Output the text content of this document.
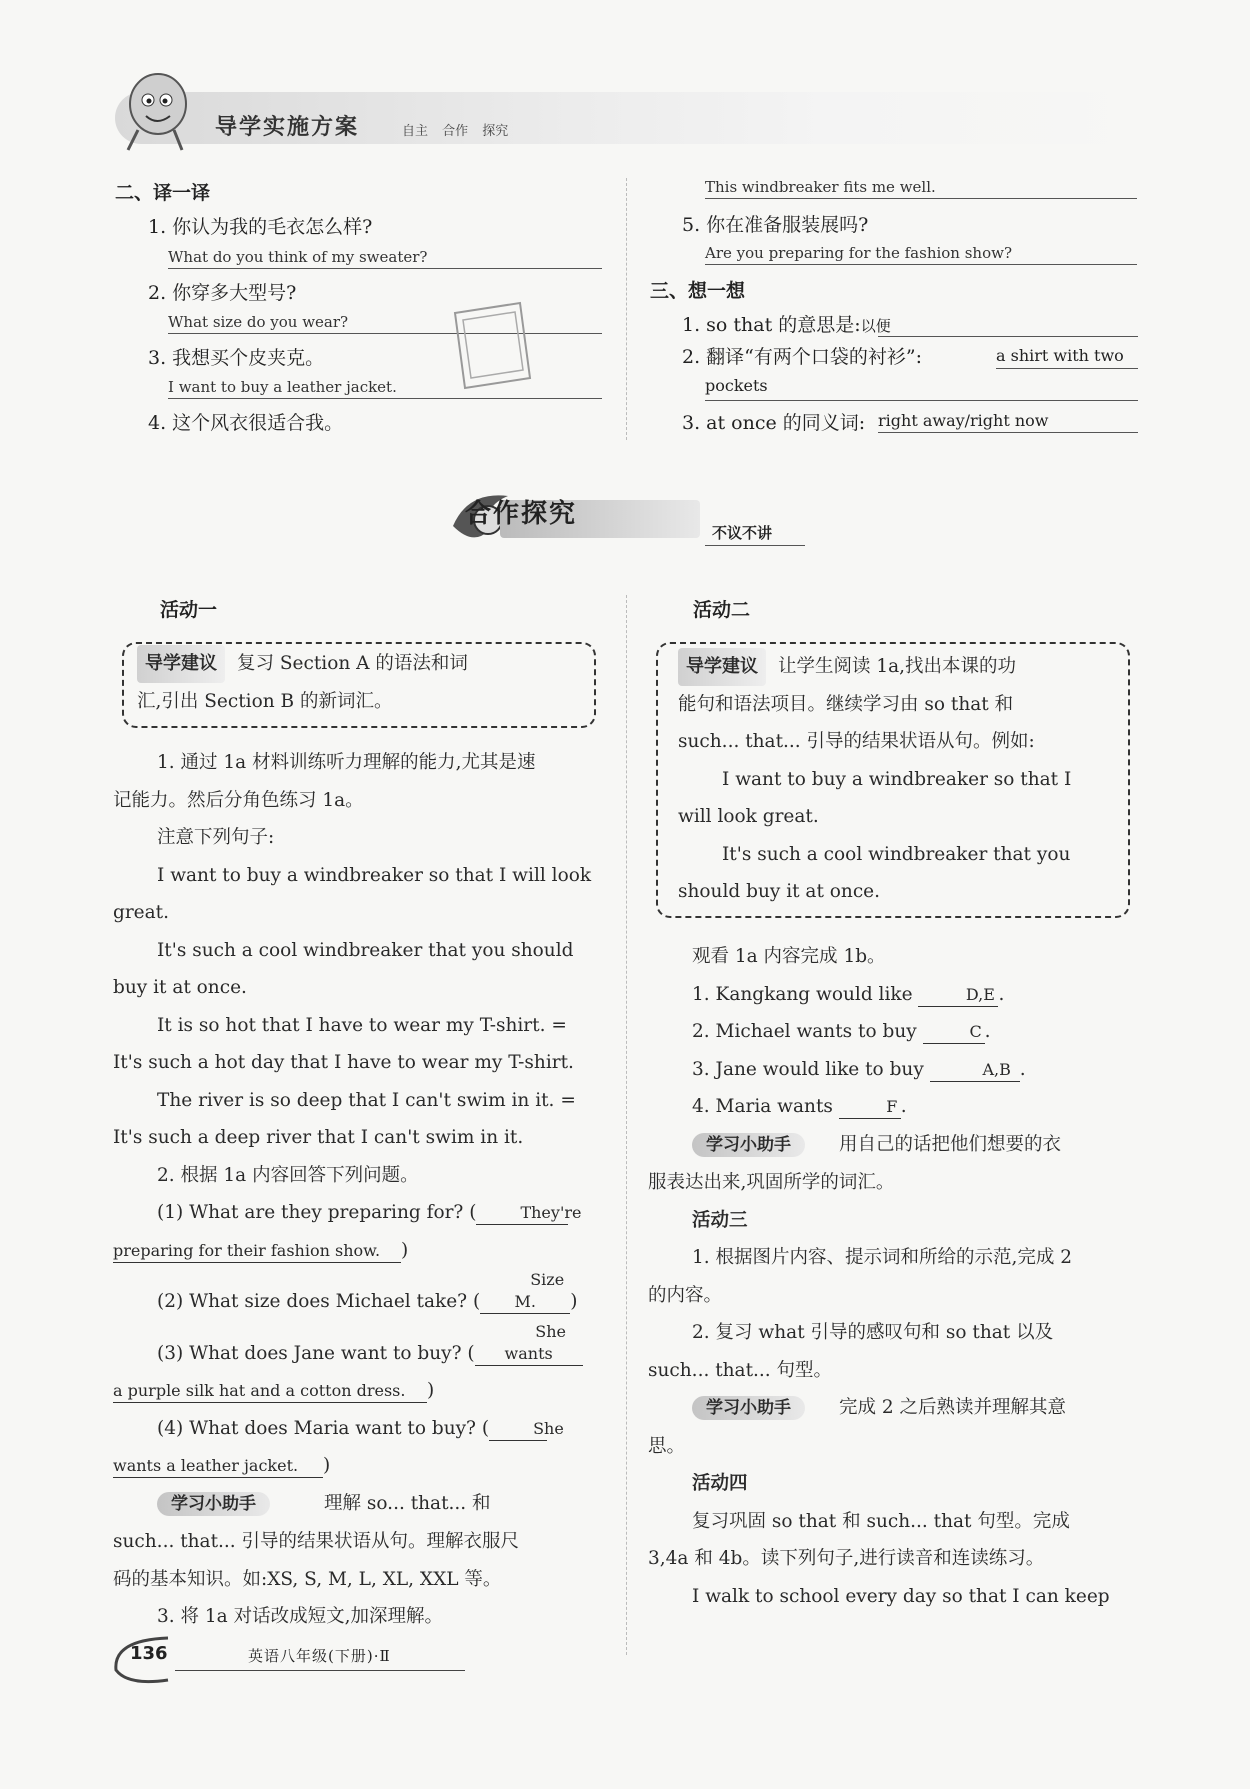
导学实施方案	自主 合作 探究
二、译一译
1. 你认为我的毛衣怎么样?
What do you think of my sweater?
2. 你穿多大型号?
What size do you wear?
3. 我想买个皮夹克。
I want to buy a leather jacket.
4. 这个风衣很适合我。
This windbreaker fits me well.
5. 你在准备服装展吗?
Are you preparing for the fashion show?
三、想一想
1. so that 的意思是:以便
2. 翻译“有两个口袋的衬衫”:	a shirt with two
pockets
3. at once 的同义词: right away/right now
合作探究
不议不讲
活动一

导学建议 复习 Section A 的语法和词

汇,引出 Section B 的新词汇。

1. 通过 1a 材料训练听力理解的能力,尤其是速

记能力。然后分角色练习 1a。

注意下列句子:

I want to buy a windbreaker so that I will look

great.

It's such a cool windbreaker that you should

buy it at once.

It is so hot that I have to wear my T-shirt. =

It's such a hot day that I have to wear my T-shirt.

The river is so deep that I can't swim in it. =

It's such a deep river that I can't swim in it.

2. 根据 1a 内容回答下列问题。

(1) What are they preparing for? (	They're

preparing for their fashion show. )

(2) What size does Michael take? (Size M. )

(3) What does Jane want to buy? (She wants

a purple silk hat and a cotton dress. )

(4) What does Maria want to buy? (	She

wants a leather jacket. )

学习小助手	理解 so... that... 和

such... that... 引导的结果状语从句。理解衣服尺

码的基本知识。如:XS, S, M, L, XL, XXL 等。

3. 将 1a 对话改成短文,加深理解。

活动二

导学建议 让学生阅读 1a,找出本课的功

能句和语法项目。继续学习由 so that 和

such... that... 引导的结果状语从句。例如:

I want to buy a windbreaker so that I

will look great.

It's such a cool windbreaker that you

should buy it at once.

观看 1a 内容完成 1b。

1. Kangkang would like	D,E .

2. Michael wants to buy	C .

3. Jane would like to buy	A,B .

4. Maria wants	F .

学习小助手	用自己的话把他们想要的衣

服表达出来,巩固所学的词汇。

活动三

1. 根据图片内容、提示词和所给的示范,完成 2

的内容。

2. 复习 what 引导的感叹句和 so that 以及

such... that... 句型。

学习小助手	完成 2 之后熟读并理解其意

思。

活动四

复习巩固 so that 和 such... that 句型。完成

3,4a 和 4b。读下列句子,进行读音和连读练习。

I walk to school every day so that I can keep

136	英语八年级(下册)·Ⅱ
